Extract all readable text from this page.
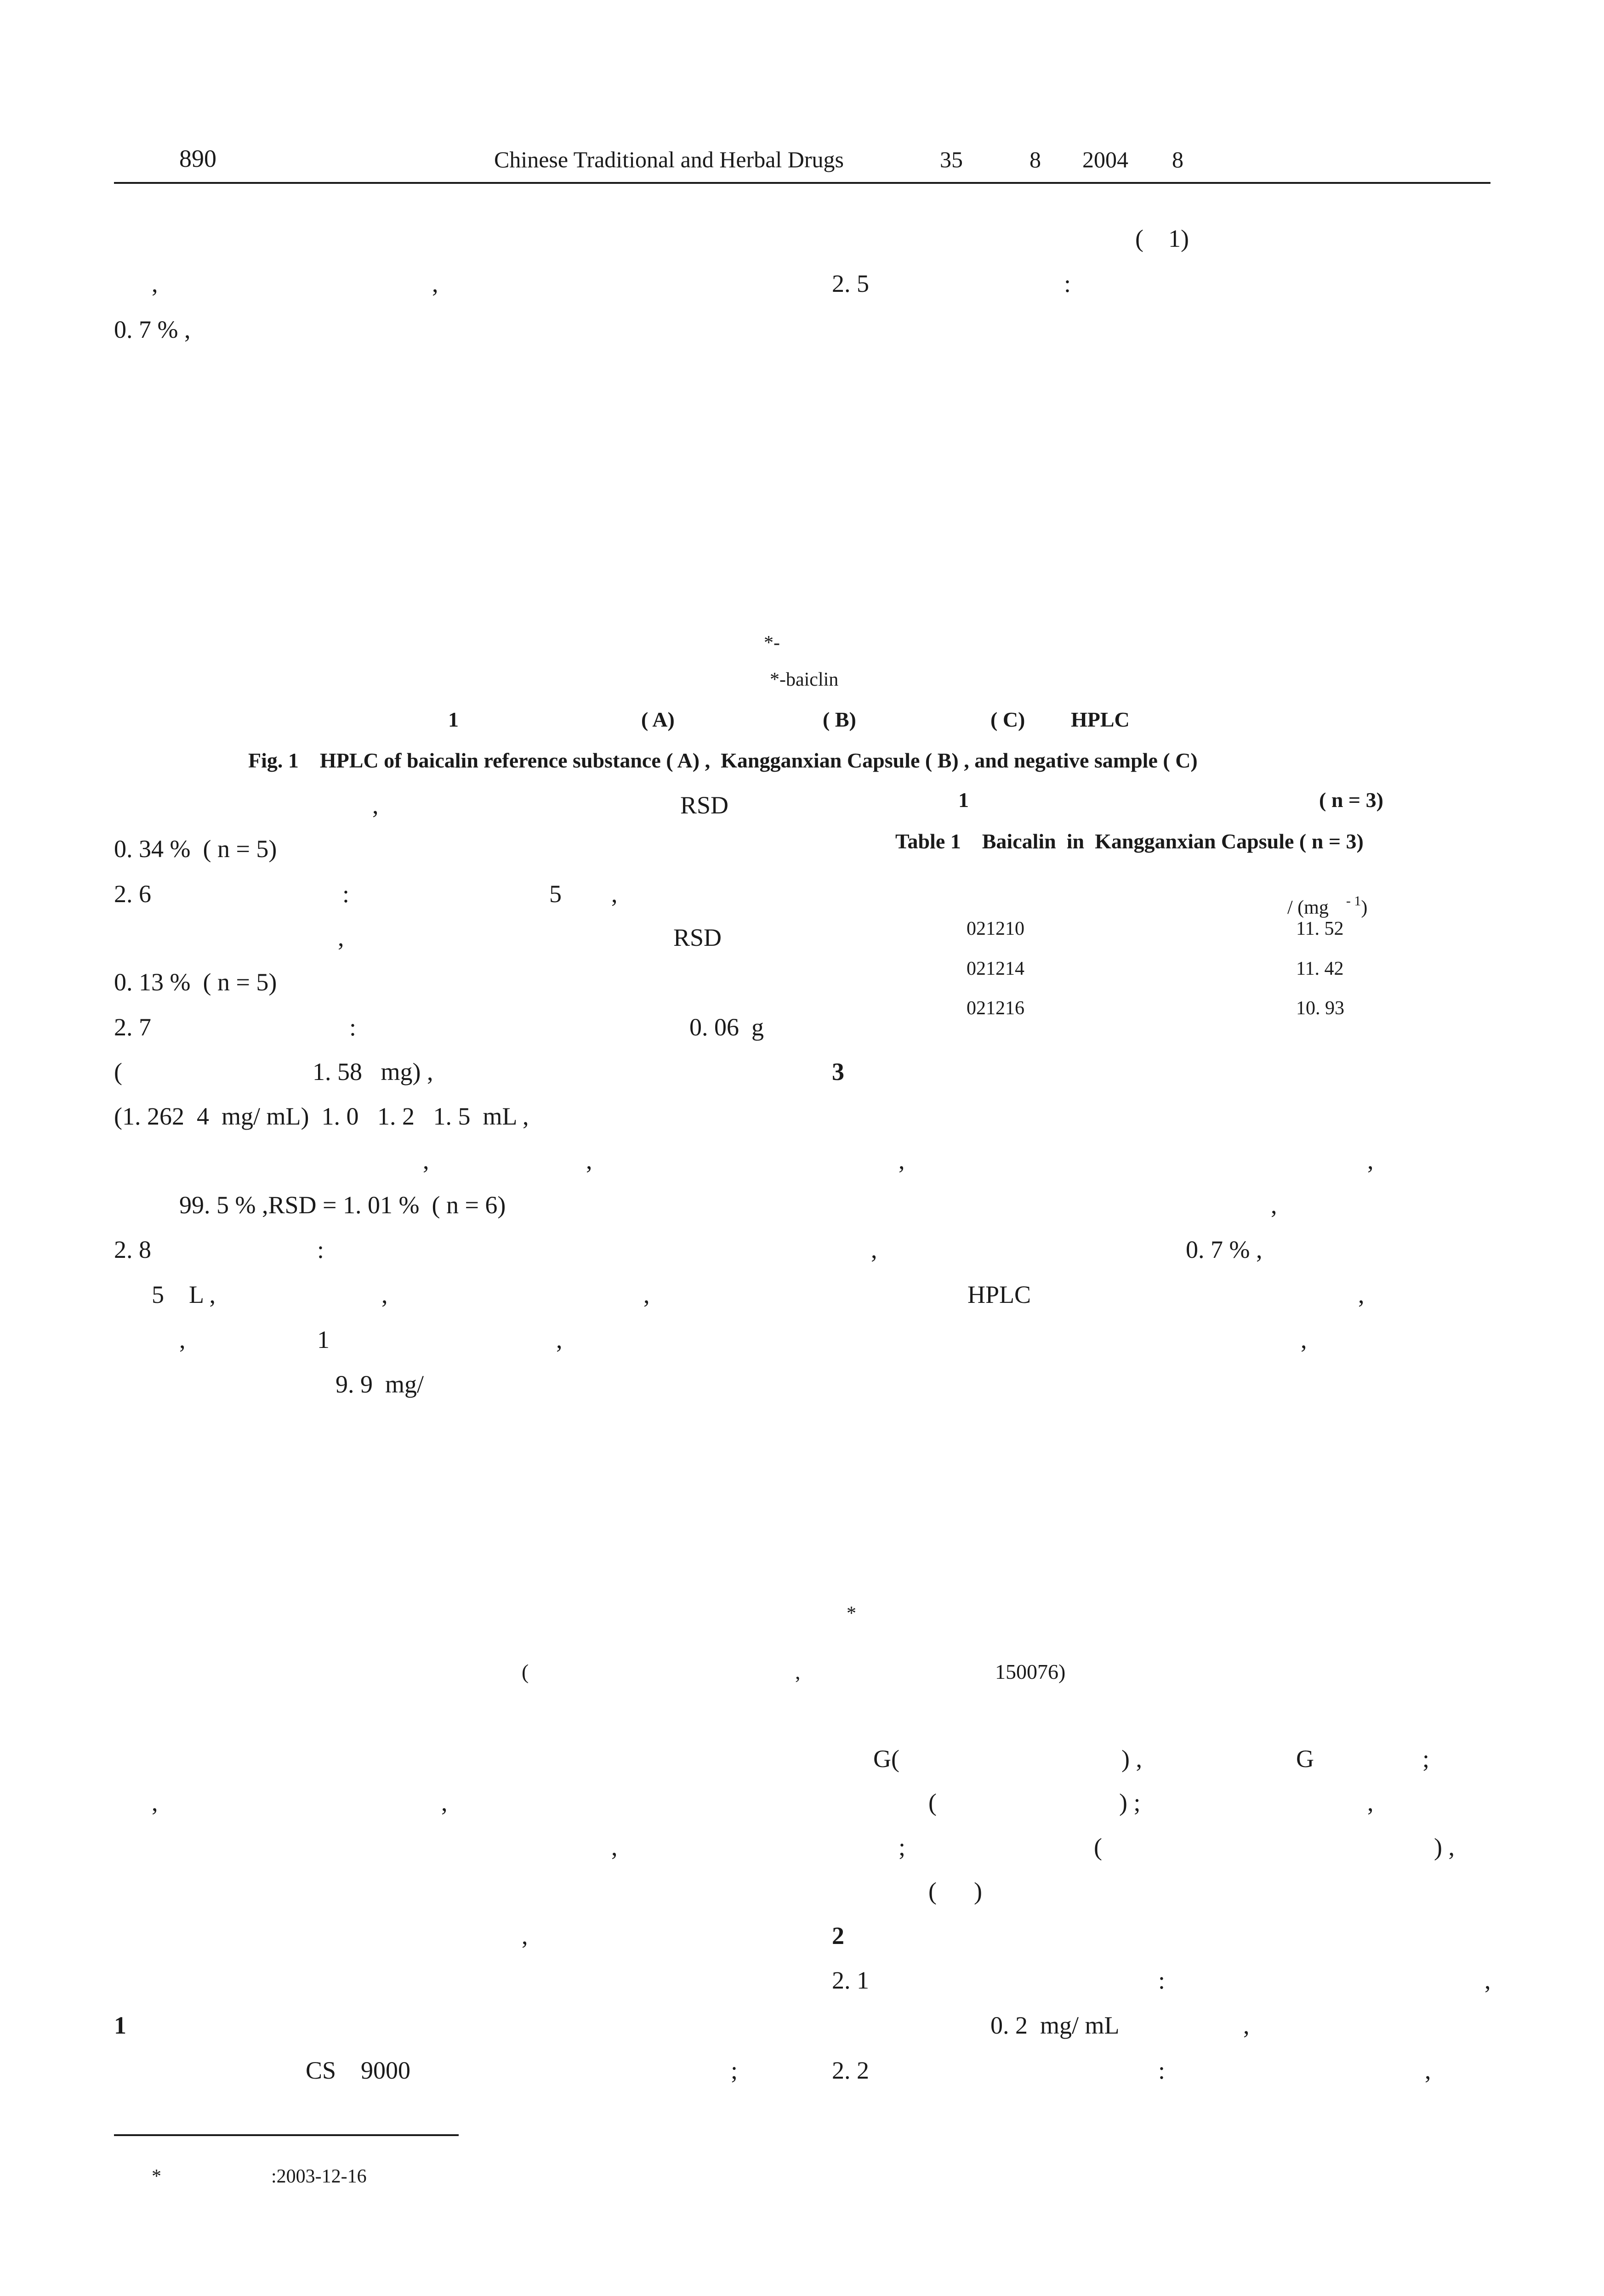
890	Chinese Traditional and Herbal Drugs	35	8 2004 8
(    1)
,	,	2. 5	:
0. 7 % ,
*-
*-baiclin
1	( A)	( B)	( C) HPLC
Fig. 1    HPLC of baicalin reference substance ( A) ,  Kangganxian Capsule ( B) , and negative sample ( C)
,	RSD
0. 34 %  ( n = 5)
2. 6	:	5 ,
,	RSD
0. 13 %  ( n = 5)
2. 7	:	0. 06  g
(	1. 58   mg) ,
(1. 262  4  mg/ mL)  1. 0   1. 2   1. 5  mL ,
,	,
99. 5 % ,RSD = 1. 01 %  ( n = 6)
2. 8	:
5    L ,	,	,
,	1	,
9. 9  mg/
1	( n = 3)
Table 1    Baicalin  in  Kangganxian Capsule ( n = 3)

/ (mg $^{- 1}$)

021210	11. 52
021214	11. 42
021216	10. 93
3
,	,
,
,	0. 7 % ,
HPLC	,
,
*
(	,	150076)
G(	) ,	G	;
,	,	(	) ;	,
,	;	(	) ,
(      )
,	2
2. 1	:	,
1	0. 2  mg/ mL	,
CS    9000	;	2. 2	:	,
*	:2003-12-16
